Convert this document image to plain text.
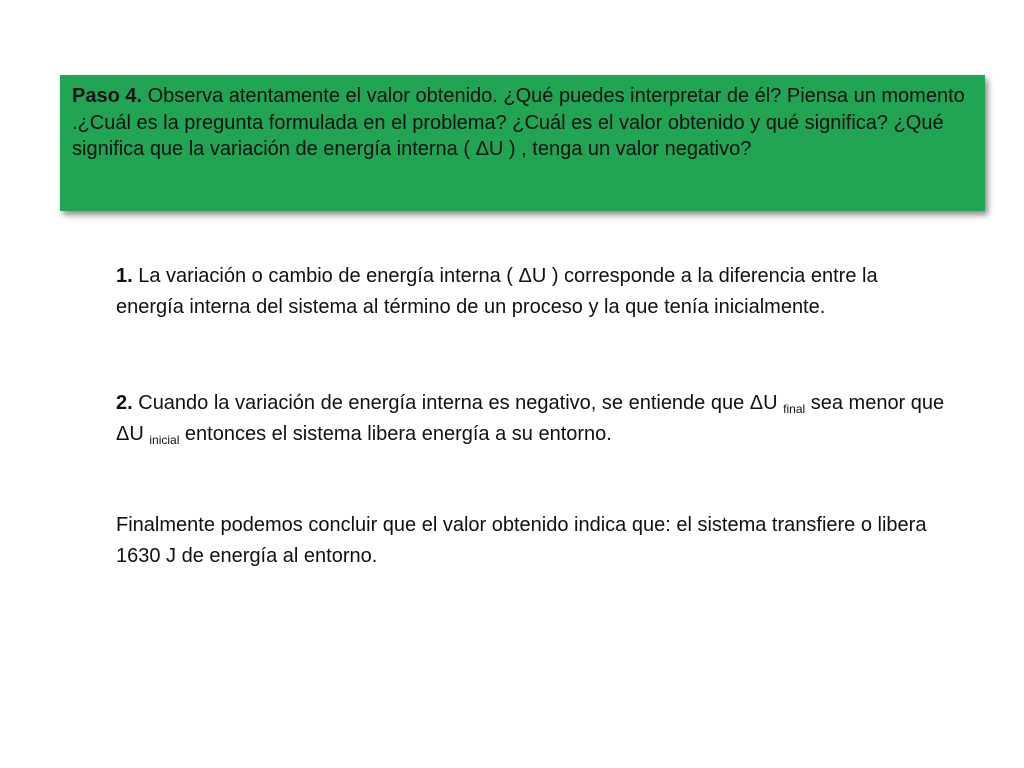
Paso 4. Observa atentamente el valor obtenido. ¿Qué puedes interpretar de él? Piensa un momento .¿Cuál es la pregunta formulada en el problema? ¿Cuál es el valor obtenido y qué significa? ¿Qué significa que la variación de energía interna ( ΔU ) , tenga un valor negativo?
1. La variación o cambio de energía interna ( ΔU ) corresponde a la diferencia entre la energía interna del sistema al término de un proceso y la que tenía inicialmente.
2. Cuando la variación de energía interna es negativo, se entiende que ΔU $_{final}$ sea menor que ΔU $_{inicial}$ entonces el sistema libera energía a su entorno.
Finalmente podemos concluir que el valor obtenido indica que: el sistema transfiere o libera 1630 J de energía al entorno.
